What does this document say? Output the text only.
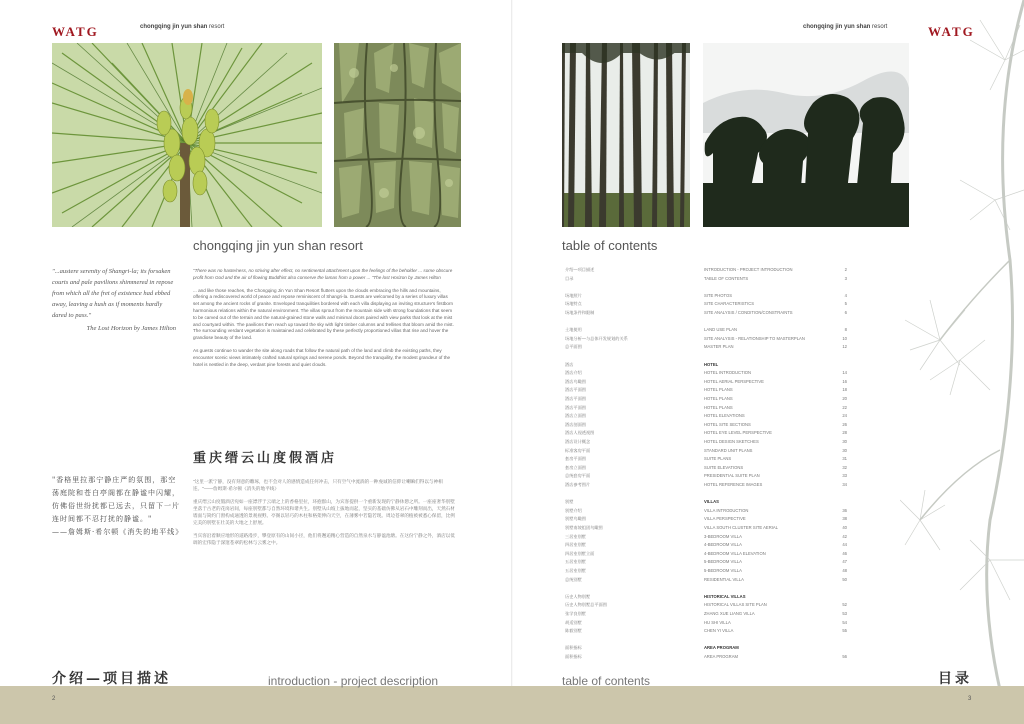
WATG	chongqing jin yun shan resort
chongqing jin yun shan resort
"...austere serenity of Shangri-la; its forsaken courts and pale pavilions shimmered in repose from which all the fret of existence had ebbed away, leaving a hush as if moments hardly dared to pass."
The Lost Horizon by James Hilton

"There was no haste/ness, no striving after effect, no sentimental attachment upon the feelings of the beholder ... some obscure profit from God and the air of flowing Buddhist also conserve the lamas from a power ... "The lost Horizon by James Hilton

... and like those reaches, the Chongqing Jin Yun Shan Resort flutters upon the clouds embracing the hills and mountains, offering a rediscovered world of peace and repose reminiscent of Shangri-la. Guests are welcomed by a series of luxury villas set among the ancient rocks of granite. Enveloped tranquilities bordered with each villa displaying an inviting structure's firstborn harmonious relations within the natural environment. The villas sprout from the mountain side with strong foundations that seem to be carved out of the terrain and the natural-grained stone walls and minimal doors paired with view parks that look at the mist and courtyard within. The pavilions then reach up toward the sky with light timber columns and trellises that bloom amid the mist. The surrounding verdant vegetation is maintained and celebrated by these perfectly proportioned villas that rise and hover the grandiose beauty of the land.

As guests continue to wander the site along roads that follow the natural path of the land and climb the existing paths, they encounter scenic views intimately crafted natural springs and serene ponds. Beyond the tranquility, the modest grandeur of the hotel is nestled in the deep, verdant pine forests and quiet clouds.

重庆缙云山度假酒店
"香格里拉那宁静庄严的氛围，那空荡庭院和苍白亭阁都在静谧中闪耀，仿佛俗世纷扰都已远去，只留下一片连时间都不忍打扰的静谧。"
——詹姆斯·希尔顿《消失的地平线》

"这里一派宁静，没有刻意的雕琢，也不会对人的感情造成任何冲击，只有空气中流淌的一种虔诚的信仰让喇嘛们得以与神相连。"——詹姆斯·希尔顿《消失的地平线》

重庆缙云山度假酒店宛如一座漂浮于云端之上的香格里拉，环抱群山，为宾客提供一个重新发现的宁静休憩之所。一座座奢华别墅坐落于古老的花岗岩间，每座别墅都与自然环境和谐共生。别墅从山坡上拔地而起，坚实的基础仿佛从岩石中雕刻而出，天然石材墙面与简约门窗构成通透的景观视野。亭阁以轻巧的木柱和格架伸向天空，在薄雾中若隐若现。周边苍翠的植被被悉心保留，比例完美的别墅在壮美的大地之上舒展。

当宾客沿着顺应地形的道路漫步，攀登原有的山间小径，他们将邂逅精心营造的自然泉水与静谧池塘。在这份宁静之外，酒店以低调的宏伟隐于深邃苍翠的松林与云雾之中。

chongqing jin yun shan resort	WATG
table of contents
介绍—项目描述	INTRODUCTION - PROJECT INTRODUCTION	2
目录	TABLE OF CONTENTS	3
场地照片	SITE PHOTOS	4
场地特点	SITE CHARACTERISTICS	5
场地条件和限制	SITE ANALYSIS / CONDITION/CONSTRAINTS	6
土地使用	LAND USE PLAN	8
场地分析—与总体开发规划的关系	SITE ANALYSIS - RELATIONSHIP TO MASTERPLAN	10
总平面图	MASTER PLAN	12
酒店	HOTEL
酒店介绍	HOTEL INTRODUCTION	14
酒店鸟瞰图	HOTEL AERIAL PERSPECTIVE	16
酒店平面图	HOTEL PLANS	18
酒店平面图	HOTEL PLANS	20
酒店平面图	HOTEL PLANS	22
酒店立面图	HOTEL ELEVATIONS	24
酒店剖面图	HOTEL SITE SECTIONS	26
酒店人视透视图	HOTEL EYE LEVEL PERSPECTIVE	28
酒店设计概念	HOTEL DESIGN SKETCHES	30
标准客房平面	STANDARD UNIT PLANS	30
套房平面图	SUITE PLANS	31
套房立面图	SUITE ELEVATIONS	32
总统套房平面	PRESIDENTIAL SUITE PLAN	33
酒店参考图片	HOTEL REFERENCE IMAGES	34
别墅	VILLAS
别墅介绍	VILLA INTRODUCTION	36
别墅鸟瞰图	VILLA PERSPECTIVE	38
别墅南坡组团鸟瞰图	VILLA SOUTH CLUSTER SITE AERIAL	40
三居室别墅	3-BEDROOM VILLA	42
四居室别墅	4-BEDROOM VILLA	44
四居室别墅立面	4-BEDROOM VILLA ELEVATION	46
五居室别墅	5-BEDROOM VILLA	47
五居室别墅	5-BEDROOM VILLA	48
总统别墅	RESIDENTIAL VILLA	50
历史人物别墅	HISTORICAL VILLAS
历史人物别墅总平面图	HISTORICAL VILLAS SITE PLAN	52
张学良别墅	ZHANG XUE LIANG VILLA	53
胡适别墅	HU SHI VILLA	54
陈毅别墅	CHEN YI VILLA	55
面积指标	AREA PROGRAM
面积指标	AREA PROGRAM	56
介绍—项目描述	introduction - project description
2
table of contents	目录
3
